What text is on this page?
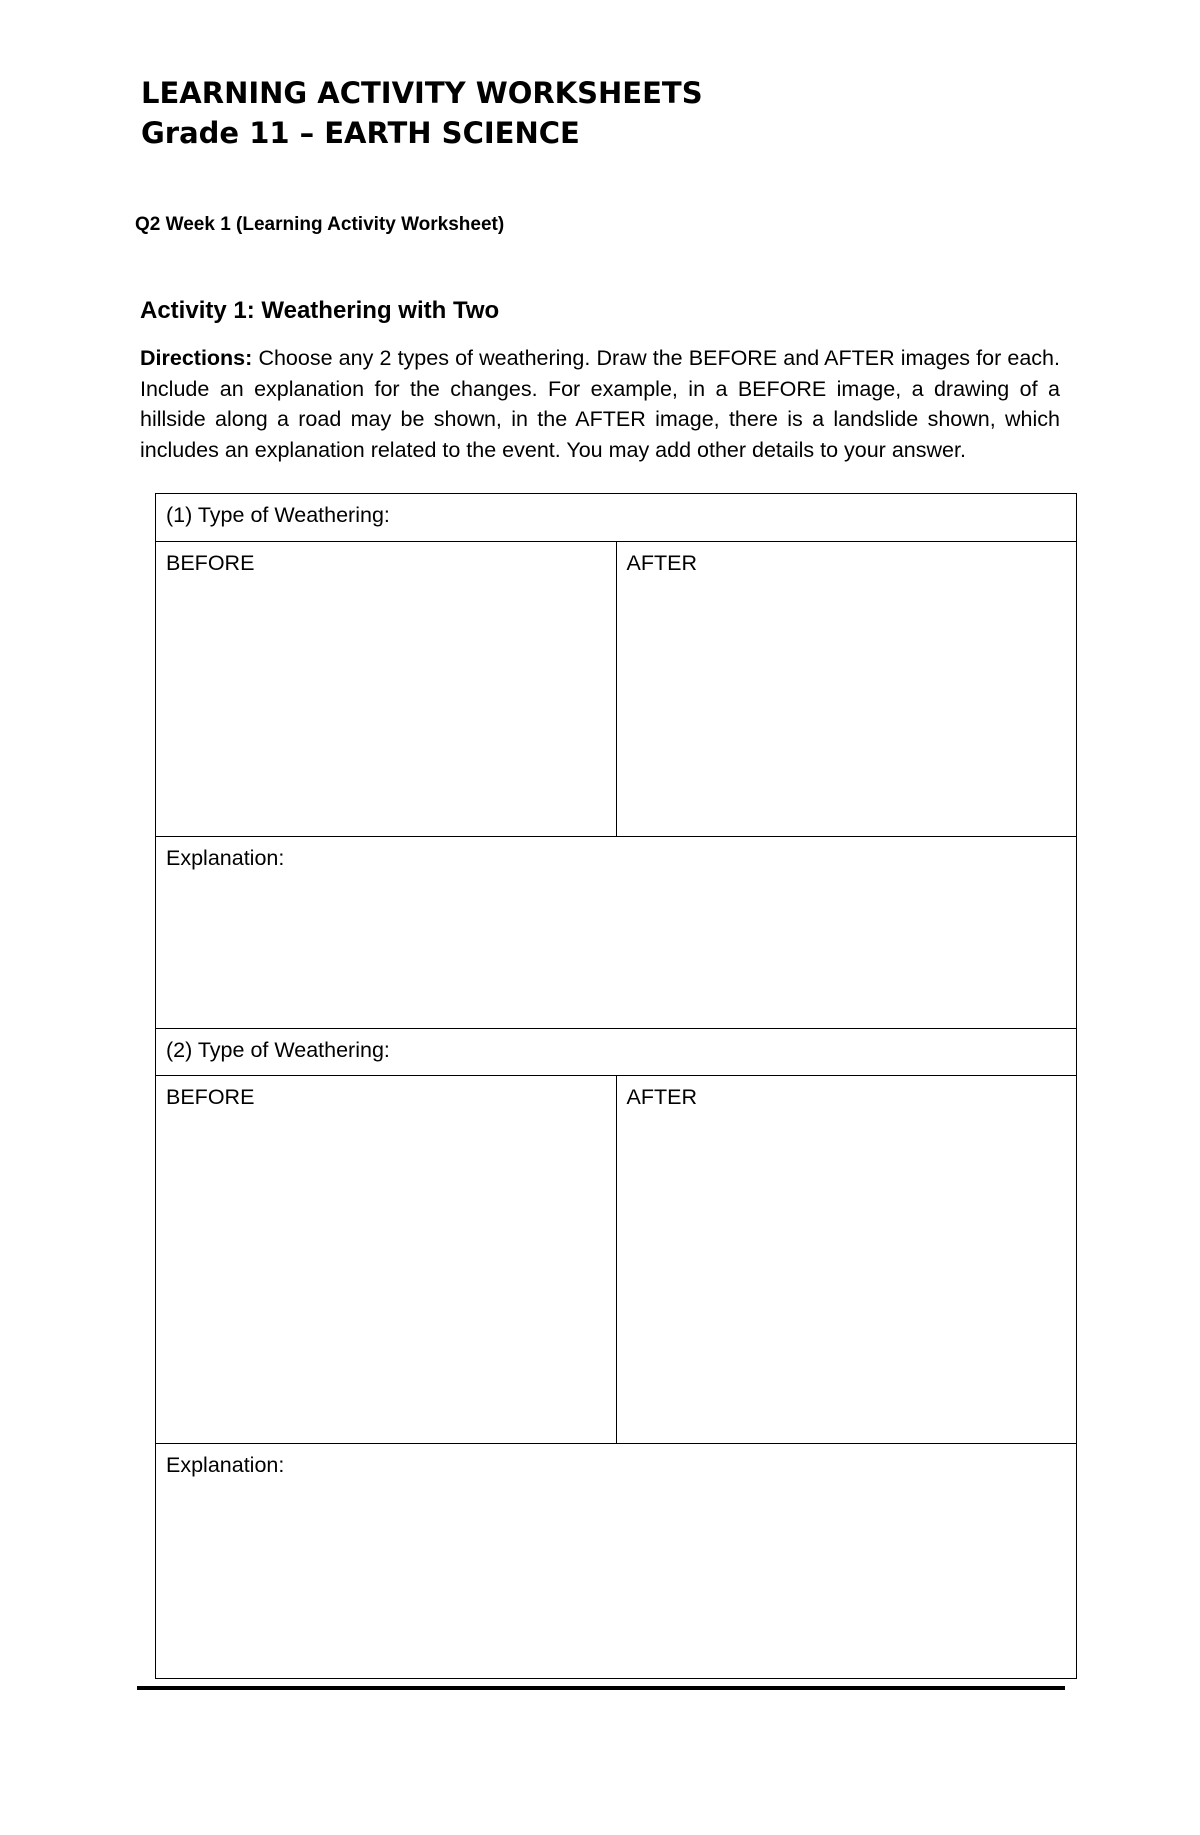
LEARNING ACTIVITY WORKSHEETS
Grade 11 – EARTH SCIENCE

Q2 Week 1 (Learning Activity Worksheet)

Activity 1: Weathering with Two

Directions: Choose any 2 types of weathering. Draw the BEFORE and AFTER images for each. Include an explanation for the changes. For example, in a BEFORE image, a drawing of a hillside along a road may be shown, in the AFTER image, there is a landslide shown, which includes an explanation related to the event. You may add other details to your answer.

(1) Type of Weathering:	
BEFORE	AFTER
Explanation:	
(2) Type of Weathering:	
BEFORE	AFTER
Explanation:	
